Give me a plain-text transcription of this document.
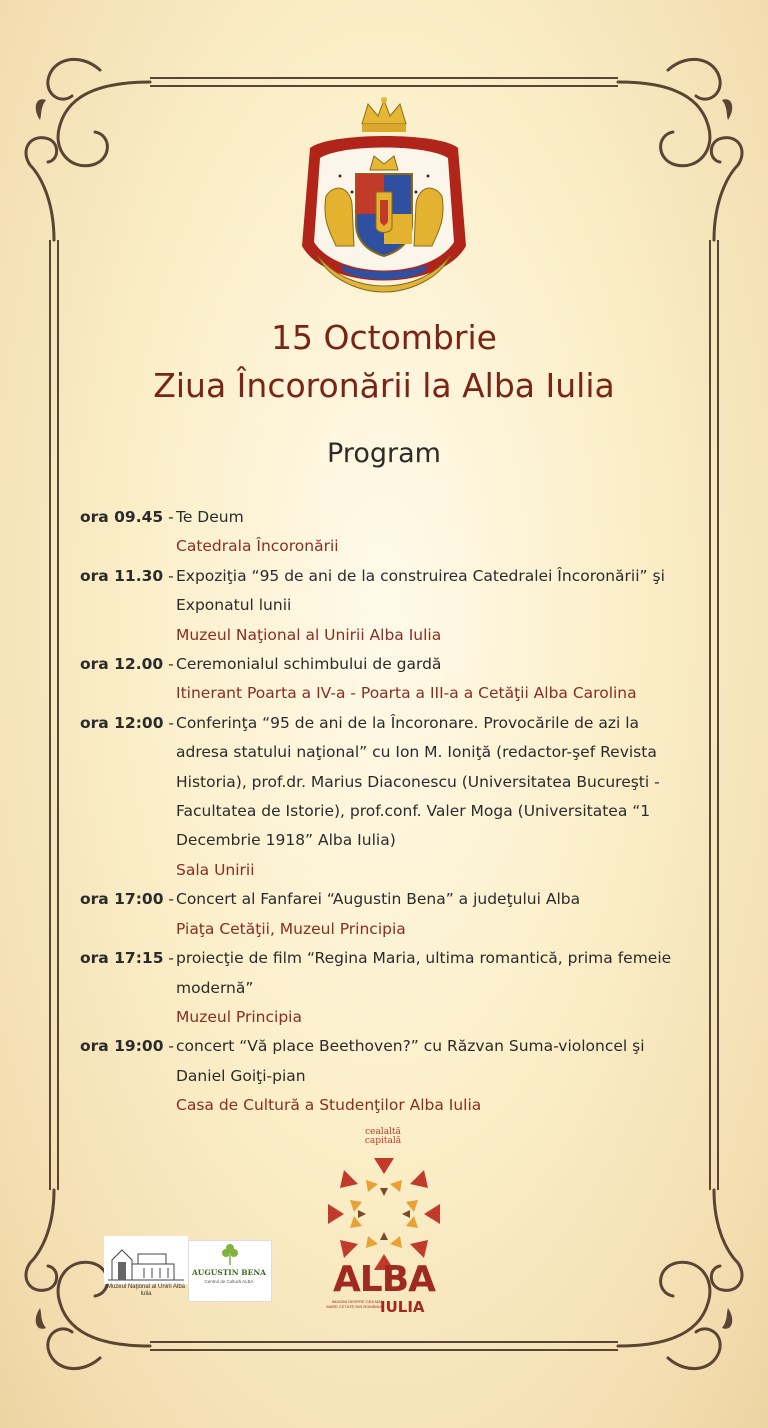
15 Octombrie
Ziua Încoronării la Alba Iulia
Program
ora 09.45 - Te Deum
Catedrala Încoronării
ora 11.30 - Expoziţia “95 de ani de la construirea Catedralei Încoronării” şi
Exponatul lunii
Muzeul Naţional al Unirii Alba Iulia
ora 12.00 - Ceremonialul schimbului de gardă
Itinerant Poarta a IV-a - Poarta a III-a a Cetăţii Alba Carolina
ora 12:00 - Conferinţa “95 de ani de la Încoronare. Provocările de azi la
adresa statului naţional” cu Ion M. Ioniţă (redactor-şef Revista
Historia), prof.dr. Marius Diaconescu (Universitatea Bucureşti -
Facultatea de Istorie), prof.conf. Valer Moga (Universitatea “1
Decembrie 1918” Alba Iulia)
Sala Unirii
ora 17:00 - Concert al Fanfarei “Augustin Bena” a judeţului Alba
Piaţa Cetăţii, Muzeul Principia
ora 17:15 - proiecţie de film “Regina Maria, ultima romantică, prima femeie
modernă”
Muzeul Principia
ora 19:00 - concert “Vă place Beethoven?” cu Răzvan Suma-violoncel şi
Daniel Goiţi-pian
Casa de Cultură a Studenţilor Alba Iulia
Muzeul Naţional al Unirii Alba Iulia
AUGUSTIN BENA
Centrul de Cultură ALBA
cealaltă
capitală
ALBA
IMAGINI DESPRE CEA MAI MARE CETATE DIN ROMÂNIA
IULIA
